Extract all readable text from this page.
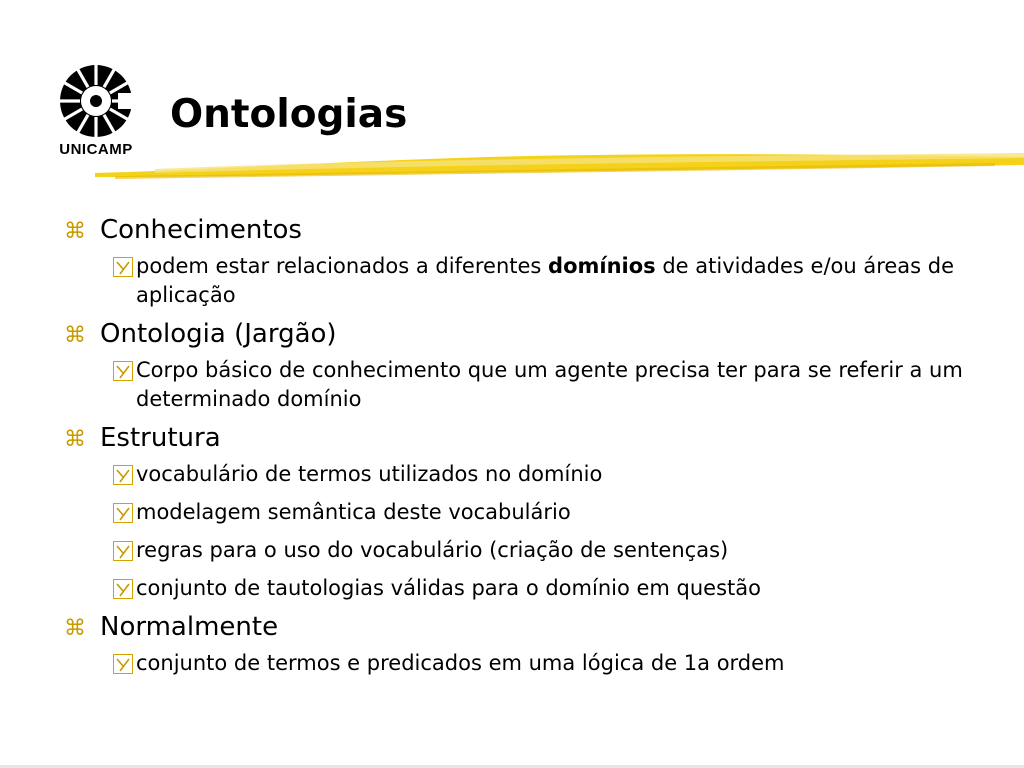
UNICAMP
Ontologias
⌘ Conhecimentos
podem estar relacionados a diferentes domínios de atividades e/ou áreas de aplicação
⌘ Ontologia (Jargão)
Corpo básico de conhecimento que um agente precisa ter para se referir a um determinado domínio
⌘ Estrutura
vocabulário de termos utilizados no domínio
modelagem semântica deste vocabulário
regras para o uso do vocabulário (criação de sentenças)
conjunto de tautologias válidas para o domínio em questão
⌘ Normalmente
conjunto de termos e predicados em uma lógica de 1a ordem
